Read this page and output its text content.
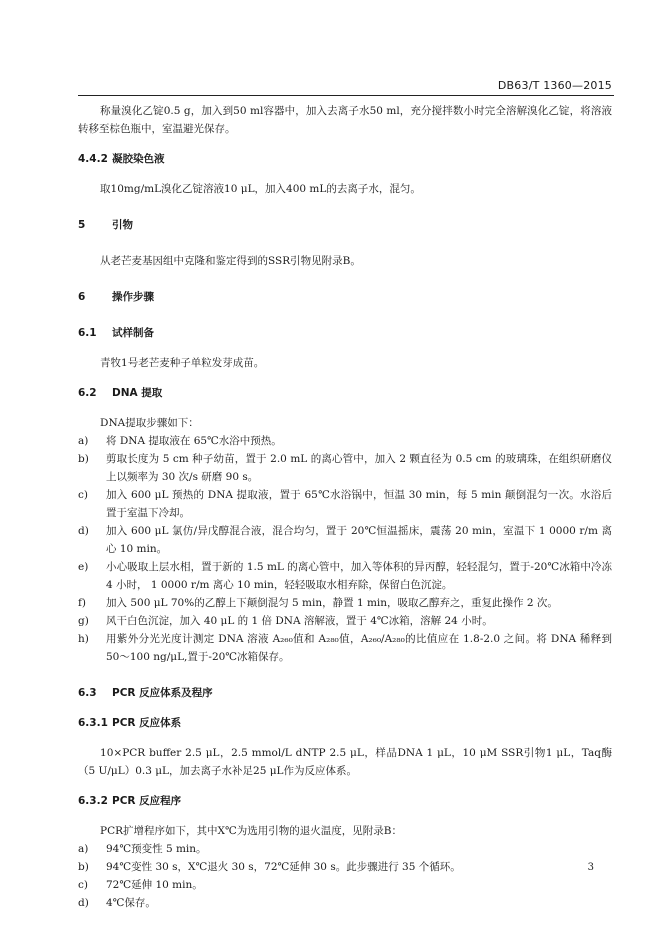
DB63/T 1360—2015

称量溴化乙锭0.5 g，加入到50 ml容器中，加入去离子水50 ml，充分搅拌数小时完全溶解溴化乙锭，将溶液转移至棕色瓶中，室温避光保存。

4.4.2 凝胶染色液

取10mg/mL溴化乙锭溶液10 μL，加入400 mL的去离子水，混匀。

5	引物

从老芒麦基因组中克隆和鉴定得到的SSR引物见附录B。

6	操作步骤

6.1 试样制备

青牧1号老芒麦种子单粒发芽成苗。

6.2 DNA 提取

DNA提取步骤如下：

a)	将 DNA 提取液在 65℃水浴中预热。
b)	剪取长度为 5 cm 种子幼苗，置于 2.0 mL 的离心管中，加入 2 颗直径为 0.5 cm 的玻璃珠，在组织研磨仪上以频率为 30 次/s 研磨 90 s。
c)	加入 600 μL 预热的 DNA 提取液，置于 65℃水浴锅中，恒温 30 min，每 5 min 颠倒混匀一次。水浴后置于室温下冷却。
d)	加入 600 μL 氯仿/异戊醇混合液，混合均匀，置于 20℃恒温摇床，震荡 20 min，室温下 1 0000 r/m 离心 10 min。
e)	小心吸取上层水相，置于新的 1.5 mL 的离心管中，加入等体积的异丙醇，轻轻混匀，置于-20℃冰箱中冷冻 4 小时， 1 0000 r/m 离心 10 min，轻轻吸取水相弃除，保留白色沉淀。
f)	加入 500 μL 70%的乙醇上下颠倒混匀 5 min，静置 1 min，吸取乙醇弃之，重复此操作 2 次。
g)	风干白色沉淀，加入 40 μL 的 1 倍 DNA 溶解液，置于 4℃冰箱，溶解 24 小时。
h)	用紫外分光光度计测定 DNA 溶液 A₂₆₀值和 A₂₈₀值，A₂₆₀/A₂₈₀的比值应在 1.8-2.0 之间。将 DNA 稀释到 50～100 ng/μL,置于-20℃冰箱保存。

6.3 PCR 反应体系及程序

6.3.1 PCR 反应体系

10×PCR buffer 2.5 μL，2.5 mmol/L dNTP 2.5 μL，样品DNA 1 μL，10 μM SSR引物1 μL，Taq酶（5 U/μL）0.3 μL，加去离子水补足25 μL作为反应体系。

6.3.2 PCR 反应程序

PCR扩增程序如下，其中X℃为选用引物的退火温度，见附录B：

a)	94℃预变性 5 min。
b)	94℃变性 30 s，X℃退火 30 s，72℃延伸 30 s。此步骤进行 35 个循环。
c)	72℃延伸 10 min。
d)	4℃保存。
3
